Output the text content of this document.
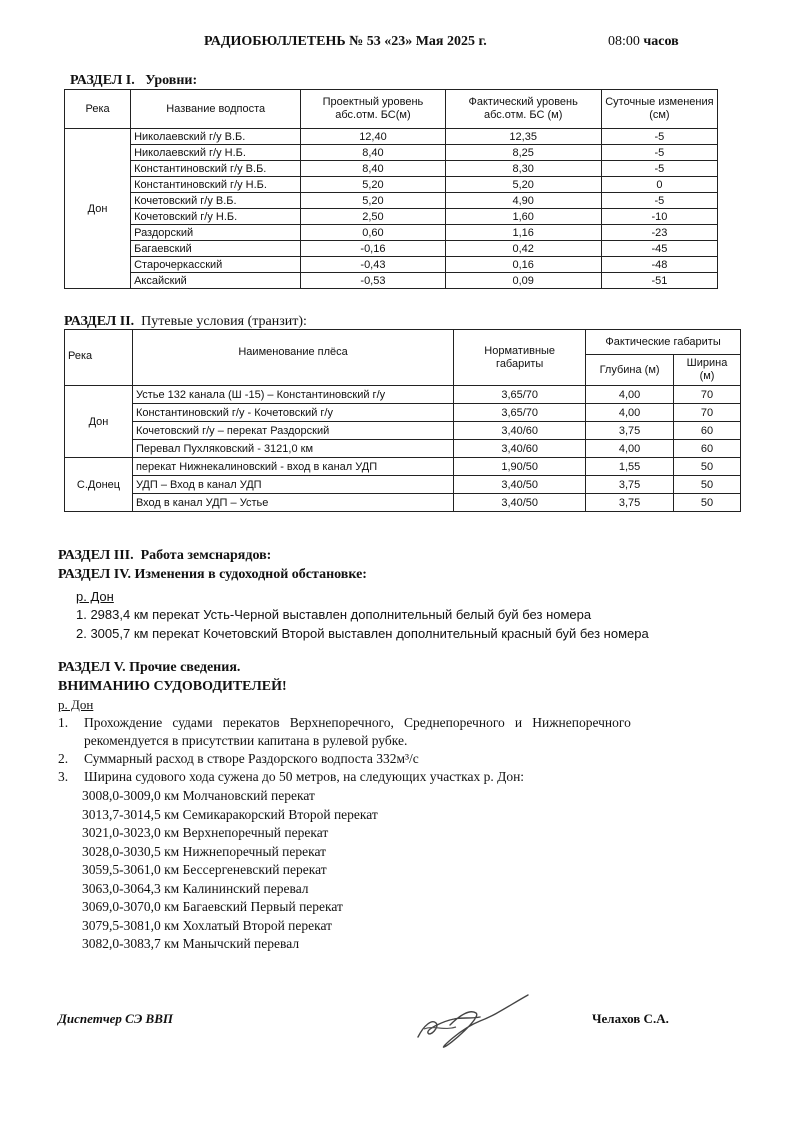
РАДИОБЮЛЛЕТЕНЬ № 53 «23» Мая 2025 г.	08:00 часов
РАЗДЕЛ I. Уровни:
Река	Название водпоста	Проектный уровень абс.отм. БС(м)	Фактический уровень абс.отм. БС (м)	Суточные изменения (см)
Дон	Николаевский г/у В.Б.	12,40	12,35	-5
	Николаевский г/у Н.Б.	8,40	8,25	-5
	Константиновский г/у В.Б.	8,40	8,30	-5
	Константиновский г/у Н.Б.	5,20	5,20	0
	Кочетовский г/у В.Б.	5,20	4,90	-5
	Кочетовский г/у Н.Б.	2,50	1,60	-10
	Раздорский	0,60	1,16	-23
	Багаевский	-0,16	0,42	-45
	Старочеркасский	-0,43	0,16	-48
	Аксайский	-0,53	0,09	-51
РАЗДЕЛ II. Путевые условия (транзит):
Река	Наименование плёса	Нормативные габариты	Фактические габариты	
			Глубина (м)	Ширина (м)
Дон	Устье 132 канала (Ш -15) – Константиновский г/у	3,65/70	4,00	70
	Константиновский г/у - Кочетовский г/у	3,65/70	4,00	70
	Кочетовский г/у – перекат Раздорский	3,40/60	3,75	60
	Перевал Пухляковский - 3121,0 км	3,40/60	4,00	60
С.Донец	перекат Нижнекалиновский - вход в канал УДП	1,90/50	1,55	50
	УДП – Вход в канал УДП	3,40/50	3,75	50
	Вход в канал УДП – Устье	3,40/50	3,75	50
РАЗДЕЛ III. Работа земснарядов:
РАЗДЕЛ IV. Изменения в судоходной обстановке:
р. Дон
1. 2983,4 км перекат Усть-Черной выставлен дополнительный белый буй без номера
2. 3005,7 км перекат Кочетовский Второй выставлен дополнительный красный буй без номера
РАЗДЕЛ V. Прочие сведения.
ВНИМАНИЮ СУДОВОДИТЕЛЕЙ!
р. Дон
1. Прохождение   судами   перекатов   Верхнепоречного,   Среднепоречного   и   Нижнепоречного
рекомендуется в присутствии капитана в рулевой рубке.
2. Суммарный расход в створе Раздорского водпоста 332м³/с
3. Ширина судового хода сужена до 50 метров, на следующих участках р. Дон:
3008,0-3009,0 км Молчановский перекат
3013,7-3014,5 км Семикаракорский Второй перекат
3021,0-3023,0 км Верхнепоречный перекат
3028,0-3030,5 км Нижнепоречный перекат
3059,5-3061,0 км Бессергеневский перекат
3063,0-3064,3 км Калининский перевал
3069,0-3070,0 км Багаевский Первый перекат
3079,5-3081,0 км Хохлатый Второй перекат
3082,0-3083,7 км Манычский перевал
Диспетчер СЭ ВВП	Челахов С.А.
